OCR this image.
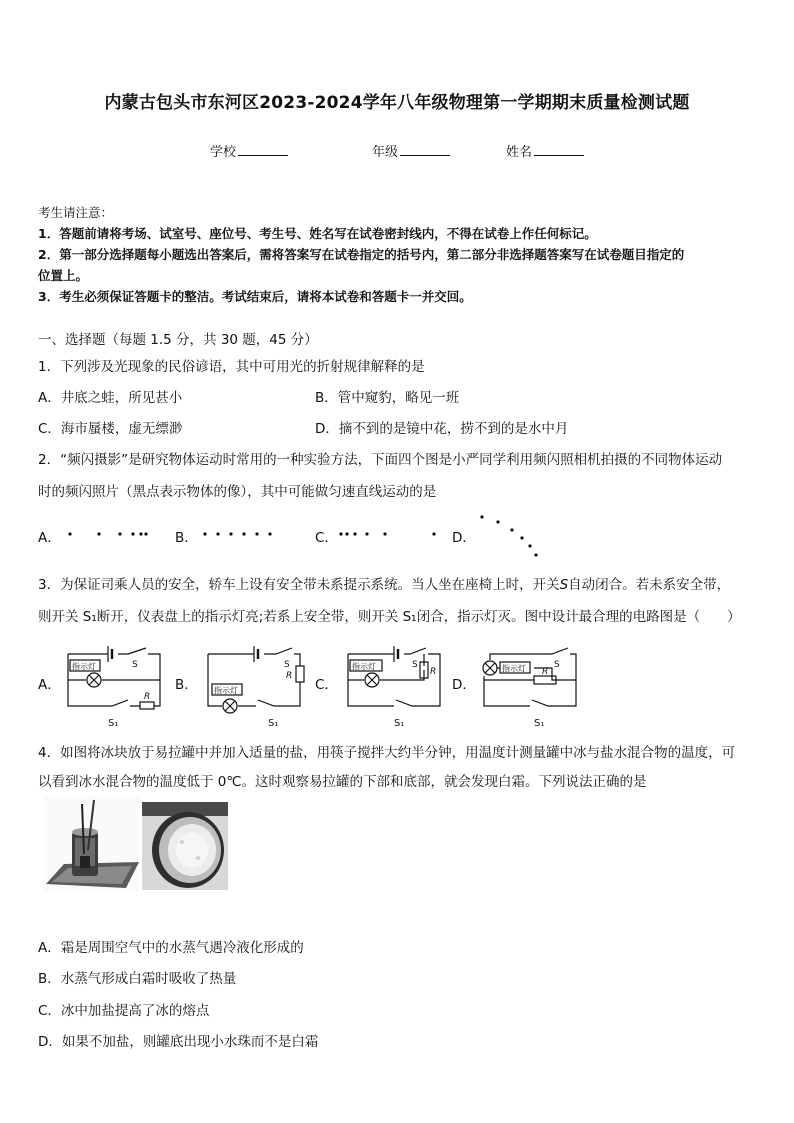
内蒙古包头市东河区2023-2024学年八年级物理第一学期期末质量检测试题
学校	年级	姓名
考生请注意：
1．答题前请将考场、试室号、座位号、考生号、姓名写在试卷密封线内，不得在试卷上作任何标记。
2．第一部分选择题每小题选出答案后，需将答案写在试卷指定的括号内，第二部分非选择题答案写在试卷题目指定的
位置上。
3．考生必须保证答题卡的整洁。考试结束后，请将本试卷和答题卡一并交回。
一、选择题（每题 1.5 分，共 30 题，45 分）
1．下列涉及光现象的民俗谚语，其中可用光的折射规律解释的是
A．井底之蛙，所见甚小	B．管中窥豹，略见一班
C．海市蜃楼，虚无缥渺	D．摘不到的是镜中花，捞不到的是水中月
2．“频闪摄影”是研究物体运动时常用的一种实验方法，下面四个图是小严同学利用频闪照相机拍摄的不同物体运动
时的频闪照片（黑点表示物体的像），其中可能做匀速直线运动的是
A．	B．	C．	D．
3．为保证司乘人员的安全，轿车上设有安全带未系提示系统。当人坐在座椅上时，开关S自动闭合。若未系安全带，
则开关 S₁断开，仪表盘上的指示灯亮;若系上安全带，则开关 S₁闭合，指示灯灭。图中设计最合理的电路图是（　　）
A．	B．	C．	D．
指示灯	S
R
S₁
指示灯
S
R
S₁
指示灯	S
R
S₁
指示灯	S
R
S₁
4．如图将冰块放于易拉罐中并加入适量的盐，用筷子搅拌大约半分钟，用温度计测量罐中冰与盐水混合物的温度，可
以看到冰水混合物的温度低于 0℃。这时观察易拉罐的下部和底部，就会发现白霜。下列说法正确的是
A．霜是周围空气中的水蒸气遇冷液化形成的
B．水蒸气形成白霜时吸收了热量
C．冰中加盐提高了冰的熔点
D．如果不加盐，则罐底出现小水珠而不是白霜
